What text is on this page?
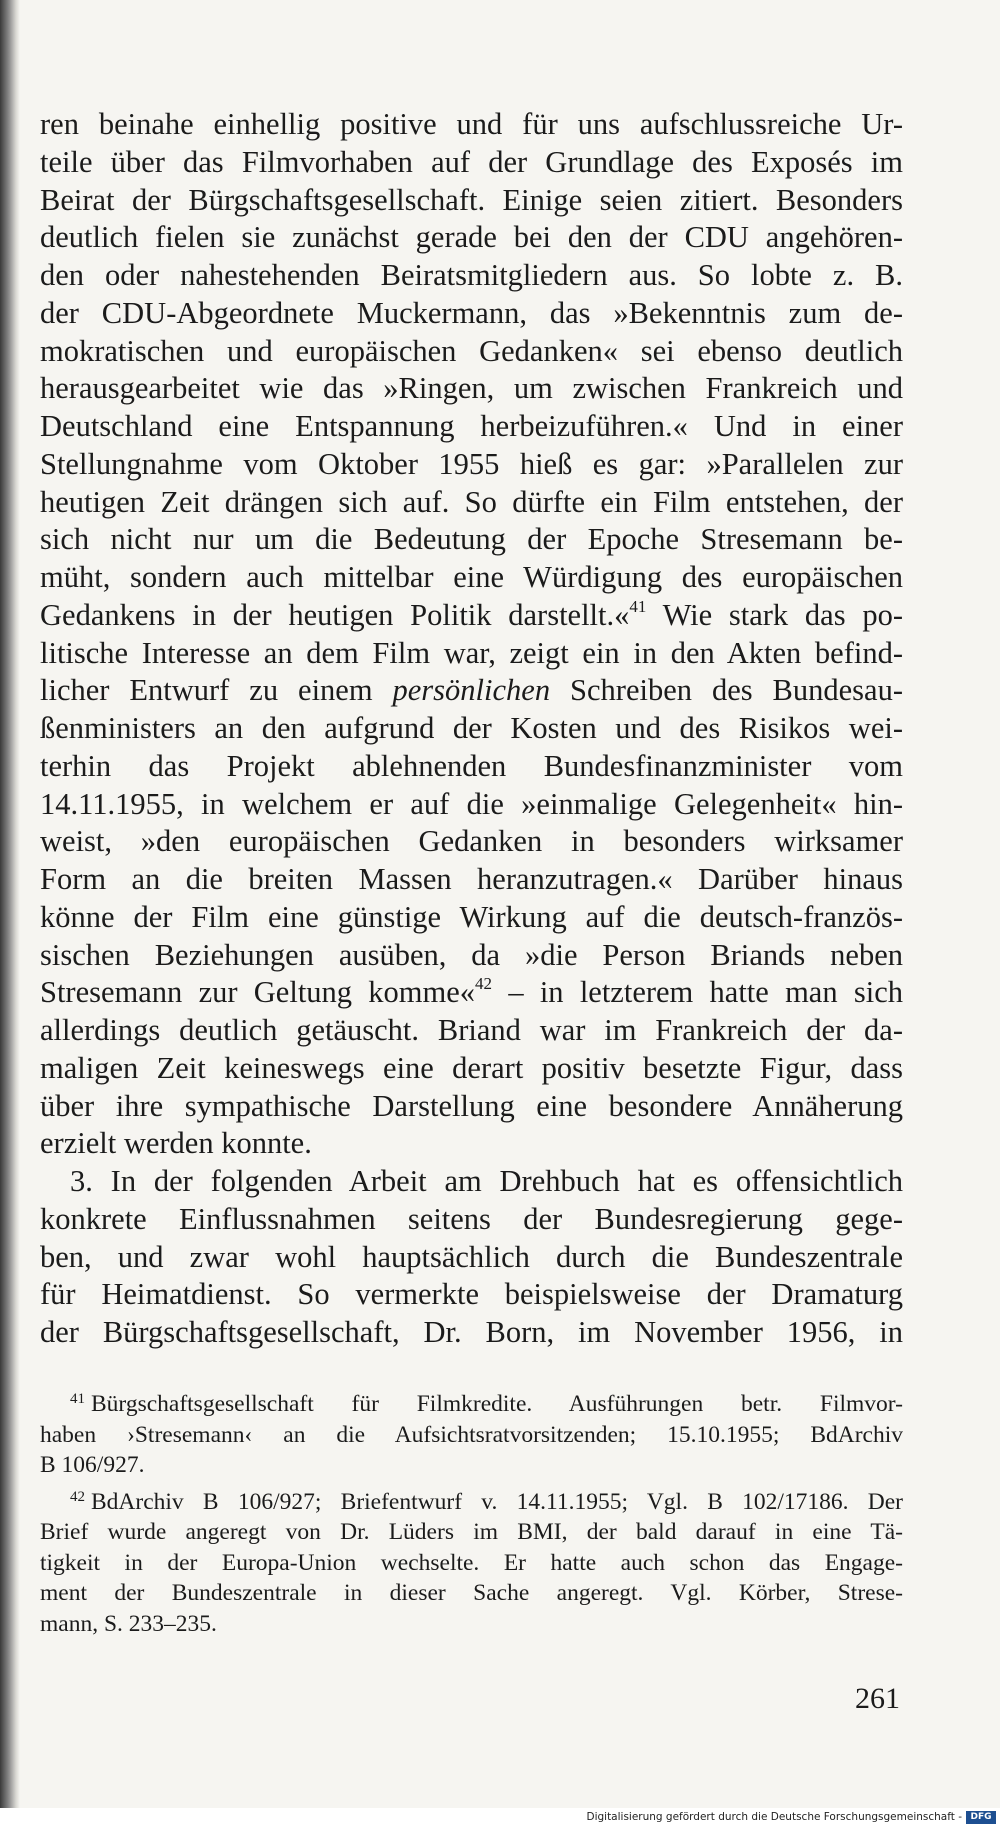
ren beinahe einhellig positive und für uns aufschlussreiche Ur-
teile über das Filmvorhaben auf der Grundlage des Exposés im
Beirat der Bürgschaftsgesellschaft. Einige seien zitiert. Besonders
deutlich fielen sie zunächst gerade bei den der CDU angehören-
den oder nahestehenden Beiratsmitgliedern aus. So lobte z. B.
der CDU-Abgeordnete Muckermann, das »Bekenntnis zum de-
mokratischen und europäischen Gedanken« sei ebenso deutlich
herausgearbeitet wie das »Ringen, um zwischen Frankreich und
Deutschland eine Entspannung herbeizuführen.« Und in einer
Stellungnahme vom Oktober 1955 hieß es gar: »Parallelen zur
heutigen Zeit drängen sich auf. So dürfte ein Film entstehen, der
sich nicht nur um die Bedeutung der Epoche Stresemann be-
müht, sondern auch mittelbar eine Würdigung des europäischen
Gedankens in der heutigen Politik darstellt.«$^{41}$ Wie stark das po-
litische Interesse an dem Film war, zeigt ein in den Akten befind-
licher Entwurf zu einem persönlichen Schreiben des Bundesau-
ßenministers an den aufgrund der Kosten und des Risikos wei-
terhin das Projekt ablehnenden Bundesfinanzminister vom
14.11.1955, in welchem er auf die »einmalige Gelegenheit« hin-
weist, »den europäischen Gedanken in besonders wirksamer
Form an die breiten Massen heranzutragen.« Darüber hinaus
könne der Film eine günstige Wirkung auf die deutsch-französ-
sischen Beziehungen ausüben, da »die Person Briands neben
Stresemann zur Geltung komme«$^{42}$ – in letzterem hatte man sich
allerdings deutlich getäuscht. Briand war im Frankreich der da-
maligen Zeit keineswegs eine derart positiv besetzte Figur, dass
über ihre sympathische Darstellung eine besondere Annäherung
erzielt werden konnte.
3. In der folgenden Arbeit am Drehbuch hat es offensichtlich
konkrete Einflussnahmen seitens der Bundesregierung gege-
ben, und zwar wohl hauptsächlich durch die Bundeszentrale
für Heimatdienst. So vermerkte beispielsweise der Dramaturg
der Bürgschaftsgesellschaft, Dr. Born, im November 1956, in
$^{41}$ Bürgschaftsgesellschaft für Filmkredite. Ausführungen betr. Filmvor-
haben ›Stresemann‹ an die Aufsichtsratvorsitzenden; 15.10.1955; BdArchiv
B 106/927.
$^{42}$ BdArchiv B 106/927; Briefentwurf v. 14.11.1955; Vgl. B 102/17186. Der
Brief wurde angeregt von Dr. Lüders im BMI, der bald darauf in eine Tä-
tigkeit in der Europa-Union wechselte. Er hatte auch schon das Engage-
ment der Bundeszentrale in dieser Sache angeregt. Vgl. Körber, Strese-
mann, S. 233–235.
261
Digitalisierung gefördert durch die Deutsche Forschungsgemeinschaft - DFG
